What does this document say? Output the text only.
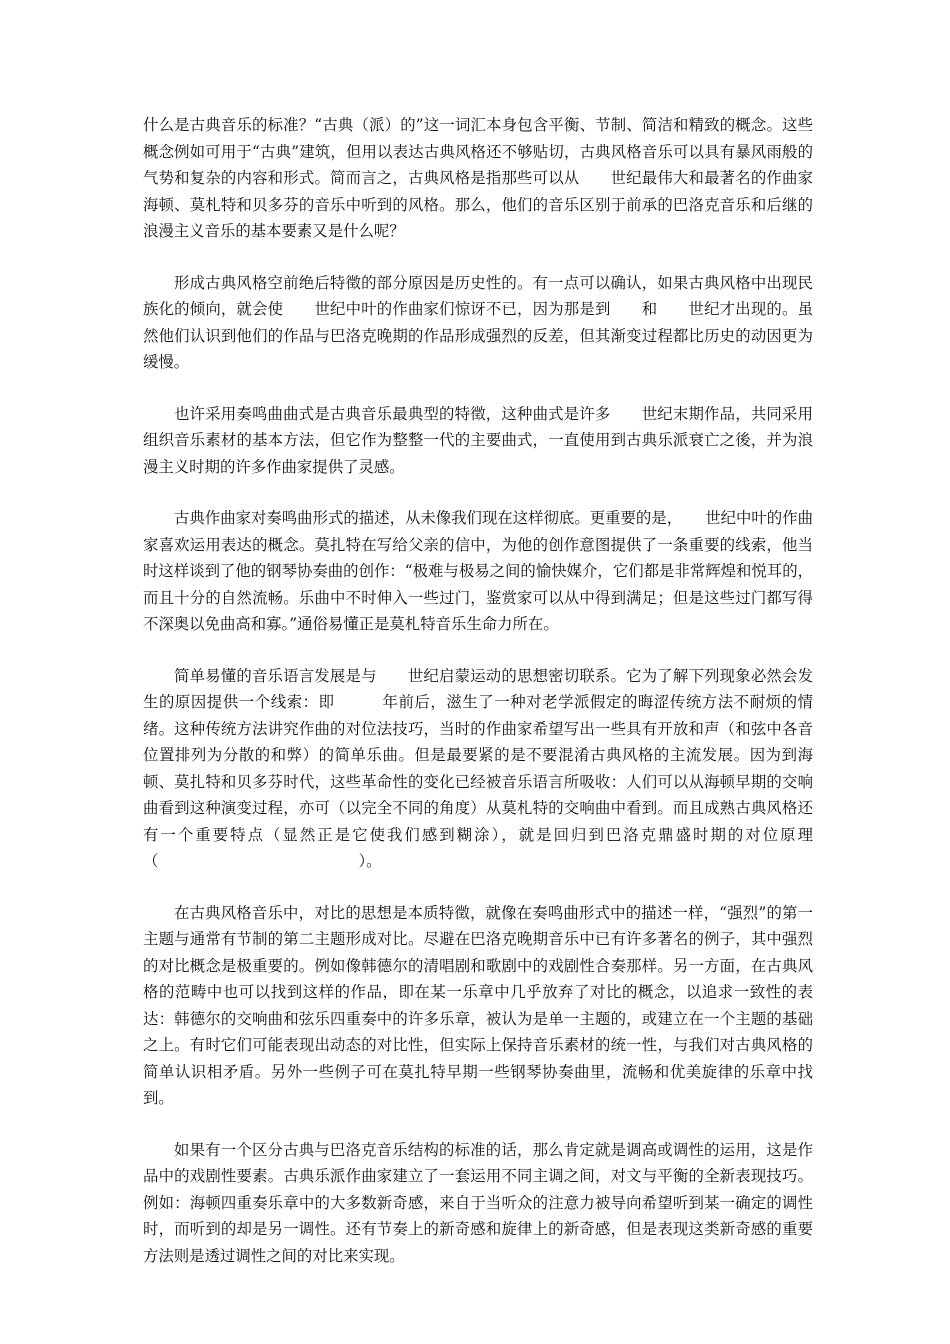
什么是古典音乐的标准？“古典（派）的”这一词汇本身包含平衡、节制、简洁和精致的概念。这些概念例如可用于“古典”建筑，但用以表达古典风格还不够贴切，古典风格音乐可以具有暴风雨般的气势和复杂的内容和形式。简而言之，古典风格是指那些可以从　　世纪最伟大和最著名的作曲家海顿、莫札特和贝多芬的音乐中听到的风格。那么，他们的音乐区别于前承的巴洛克音乐和后继的浪漫主义音乐的基本要素又是什么呢？

形成古典风格空前绝后特徵的部分原因是历史性的。有一点可以确认，如果古典风格中出现民族化的倾向，就会使　　世纪中叶的作曲家们惊讶不已，因为那是到　　和　　世纪才出现的。虽然他们认识到他们的作品与巴洛克晚期的作品形成强烈的反差，但其渐变过程都比历史的动因更为缓慢。

也许采用奏鸣曲曲式是古典音乐最典型的特徵，这种曲式是许多　　世纪末期作品，共同采用组织音乐素材的基本方法，但它作为整整一代的主要曲式，一直使用到古典乐派衰亡之後，并为浪漫主义时期的许多作曲家提供了灵感。

古典作曲家对奏鸣曲形式的描述，从未像我们现在这样彻底。更重要的是，　　世纪中叶的作曲家喜欢运用表达的概念。莫扎特在写给父亲的信中，为他的创作意图提供了一条重要的线索，他当时这样谈到了他的钢琴协奏曲的创作：“极难与极易之间的愉快媒介，它们都是非常辉煌和悦耳的，而且十分的自然流畅。乐曲中不时伸入一些过门，鉴赏家可以从中得到满足；但是这些过门都写得不深奥以免曲高和寡。”通俗易懂正是莫札特音乐生命力所在。

简单易懂的音乐语言发展是与　　世纪启蒙运动的思想密切联系。它为了解下列现象必然会发生的原因提供一个线索：即　　　年前后，滋生了一种对老学派假定的晦涩传统方法不耐烦的情绪。这种传统方法讲究作曲的对位法技巧，当时的作曲家希望写出一些具有开放和声（和弦中各音位置排列为分散的和弊）的简单乐曲。但是最要紧的是不要混淆古典风格的主流发展。因为到海顿、莫扎特和贝多芬时代，这些革命性的变化已经被音乐语言所吸收：人们可以从海顿早期的交响曲看到这种演变过程，亦可（以完全不同的角度）从莫札特的交响曲中看到。而且成熟古典风格还有一个重要特点（显然正是它使我们感到糊涂），就是回归到巴洛克鼎盛时期的对位原理（　　　　　　　　　　　　　）。

在古典风格音乐中，对比的思想是本质特徵，就像在奏鸣曲形式中的描述一样，“强烈”的第一主题与通常有节制的第二主题形成对比。尽避在巴洛克晚期音乐中已有许多著名的例子，其中强烈的对比概念是极重要的。例如像韩德尔的清唱剧和歌剧中的戏剧性合奏那样。另一方面，在古典风格的范畴中也可以找到这样的作品，即在某一乐章中几乎放弃了对比的概念，以追求一致性的表达：韩德尔的交响曲和弦乐四重奏中的许多乐章，被认为是单一主题的，或建立在一个主题的基础之上。有时它们可能表现出动态的对比性，但实际上保持音乐素材的统一性，与我们对古典风格的简单认识相矛盾。另外一些例子可在莫扎特早期一些钢琴协奏曲里，流畅和优美旋律的乐章中找到。

如果有一个区分古典与巴洛克音乐结构的标准的话，那么肯定就是调高或调性的运用，这是作品中的戏剧性要素。古典乐派作曲家建立了一套运用不同主调之间，对文与平衡的全新表现技巧。例如：海顿四重奏乐章中的大多数新奇感，来自于当听众的注意力被导向希望听到某一确定的调性时，而听到的却是另一调性。还有节奏上的新奇感和旋律上的新奇感，但是表现这类新奇感的重要方法则是透过调性之间的对比来实现。
